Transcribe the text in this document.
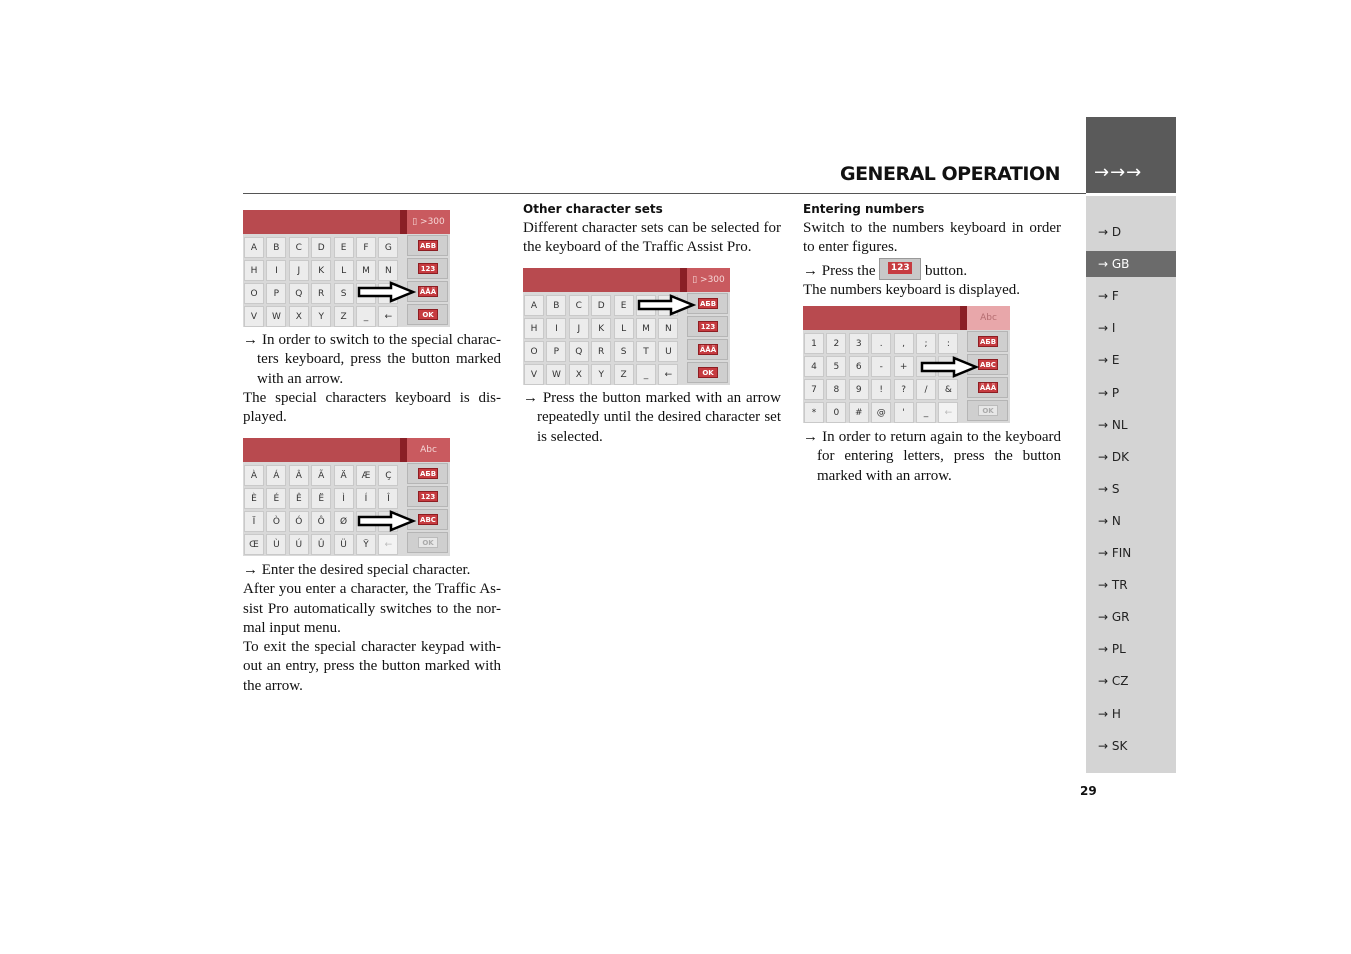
GENERAL OPERATION →→→
→ D
→ GB
→ F
→ I
→ E
→ P
→ NL
→ DK
→ S
→ N
→ FIN
→ TR
→ GR
→ PL
→ CZ
→ H
→ SK
29
▯ >300
A	B	C	D	E	F	G
H	I	J	K	L	M	N
O	P	Q	R	S
V	W	X	Y	Z	_	←
АБВ
123
ÄÅÄ
OK

→ In order to switch to the special charac-ters keyboard, press the button marked with an arrow.

The special characters keyboard is dis-played.

Abc
À	Á	Â	Ã	Ä	Æ	Ç
È	É	Ê	Ë	Ì	Í	Î
Ï	Ò	Ó	Ô	Ø
Œ	Ù	Ú	Û	Ü	Ÿ	←
АБВ
123
ABC
OK

→ Enter the desired special character.

After you enter a character, the Traffic As-sist Pro automatically switches to the nor-mal input menu.

To exit the special character keypad with-out an entry, press the button marked with the arrow.

Other character sets

Different character sets can be selected for the keyboard of the Traffic Assist Pro.

▯ >300
A	B	C	D	E
H	I	J	K	L	M	N
O	P	Q	R	S	T	U
V	W	X	Y	Z	_	←
АБВ
123
ÄÅÄ
OK

→ Press the button marked with an arrow repeatedly until the desired character set is selected.

Entering numbers

Switch to the numbers keyboard in order to enter figures.

→ Press the 123 button.

The numbers keyboard is displayed.

Abc
1	2	3	.	,	;	:
4	5	6	-	+
7	8	9	!	?	/	&
*	0	#	@	'	_	←
АБВ
ABC
ÄÅÄ
OK

→ In order to return again to the keyboard for entering letters, press the button marked with an arrow.
